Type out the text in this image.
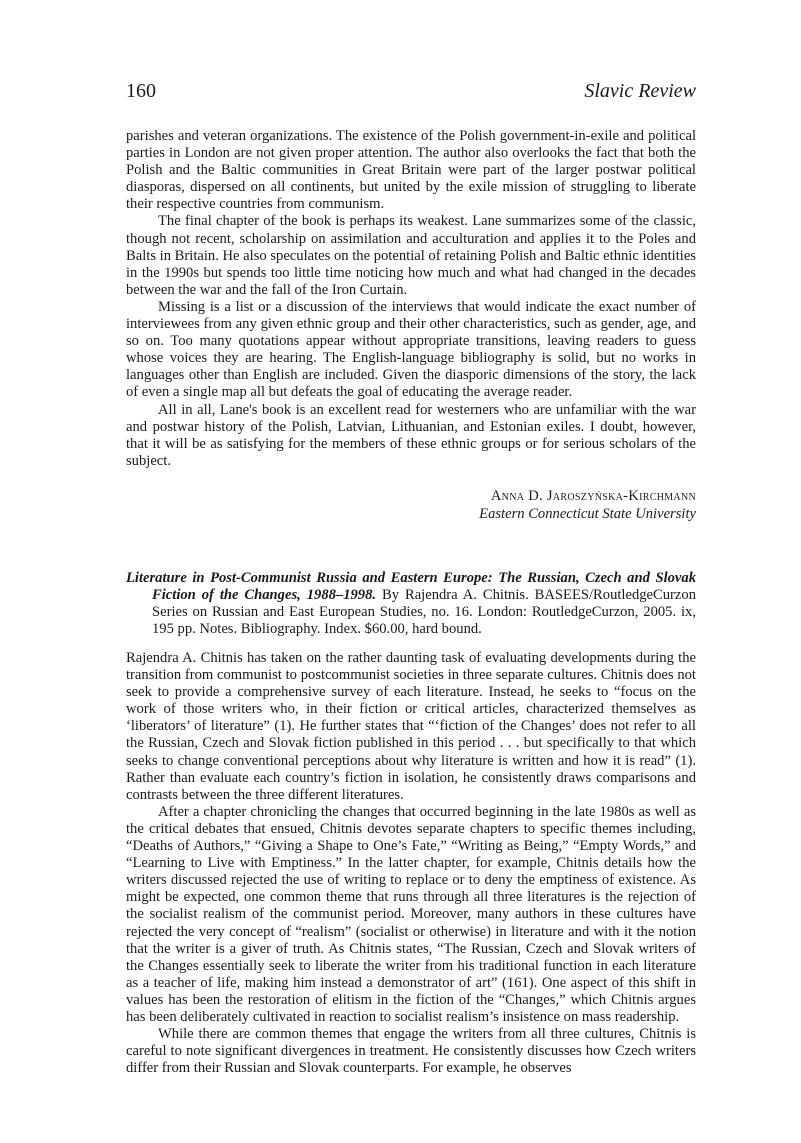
160	Slavic Review

parishes and veteran organizations. The existence of the Polish government-in-exile and political parties in London are not given proper attention. The author also overlooks the fact that both the Polish and the Baltic communities in Great Britain were part of the larger postwar political diasporas, dispersed on all continents, but united by the exile mission of struggling to liberate their respective countries from communism.

The final chapter of the book is perhaps its weakest. Lane summarizes some of the classic, though not recent, scholarship on assimilation and acculturation and applies it to the Poles and Balts in Britain. He also speculates on the potential of retaining Polish and Baltic ethnic identities in the 1990s but spends too little time noticing how much and what had changed in the decades between the war and the fall of the Iron Curtain.

Missing is a list or a discussion of the interviews that would indicate the exact number of interviewees from any given ethnic group and their other characteristics, such as gender, age, and so on. Too many quotations appear without appropriate transitions, leaving readers to guess whose voices they are hearing. The English-language bibliography is solid, but no works in languages other than English are included. Given the diasporic dimensions of the story, the lack of even a single map all but defeats the goal of educating the average reader.

All in all, Lane's book is an excellent read for westerners who are unfamiliar with the war and postwar history of the Polish, Latvian, Lithuanian, and Estonian exiles. I doubt, however, that it will be as satisfying for the members of these ethnic groups or for serious scholars of the subject.

Anna D. Jaroszyńska-Kirchmann
Eastern Connecticut State University
Literature in Post-Communist Russia and Eastern Europe: The Russian, Czech and Slovak Fiction of the Changes, 1988–1998. By Rajendra A. Chitnis. BASEES/RoutledgeCurzon Series on Russian and East European Studies, no. 16. London: RoutledgeCurzon, 2005. ix, 195 pp. Notes. Bibliography. Index. $60.00, hard bound.

Rajendra A. Chitnis has taken on the rather daunting task of evaluating developments during the transition from communist to postcommunist societies in three separate cultures. Chitnis does not seek to provide a comprehensive survey of each literature. Instead, he seeks to “focus on the work of those writers who, in their fiction or critical articles, characterized themselves as ‘liberators’ of literature” (1). He further states that “‘fiction of the Changes’ does not refer to all the Russian, Czech and Slovak fiction published in this period . . . but specifically to that which seeks to change conventional perceptions about why literature is written and how it is read” (1). Rather than evaluate each country’s fiction in isolation, he consistently draws comparisons and contrasts between the three different literatures.

After a chapter chronicling the changes that occurred beginning in the late 1980s as well as the critical debates that ensued, Chitnis devotes separate chapters to specific themes including, “Deaths of Authors,” “Giving a Shape to One’s Fate,” “Writing as Being,” “Empty Words,” and “Learning to Live with Emptiness.” In the latter chapter, for example, Chitnis details how the writers discussed rejected the use of writing to replace or to deny the emptiness of existence. As might be expected, one common theme that runs through all three literatures is the rejection of the socialist realism of the communist period. Moreover, many authors in these cultures have rejected the very concept of “realism” (socialist or otherwise) in literature and with it the notion that the writer is a giver of truth. As Chitnis states, “The Russian, Czech and Slovak writers of the Changes essentially seek to liberate the writer from his traditional function in each literature as a teacher of life, making him instead a demonstrator of art” (161). One aspect of this shift in values has been the restoration of elitism in the fiction of the “Changes,” which Chitnis argues has been deliberately cultivated in reaction to socialist realism’s insistence on mass readership.

While there are common themes that engage the writers from all three cultures, Chitnis is careful to note significant divergences in treatment. He consistently discusses how Czech writers differ from their Russian and Slovak counterparts. For example, he observes
